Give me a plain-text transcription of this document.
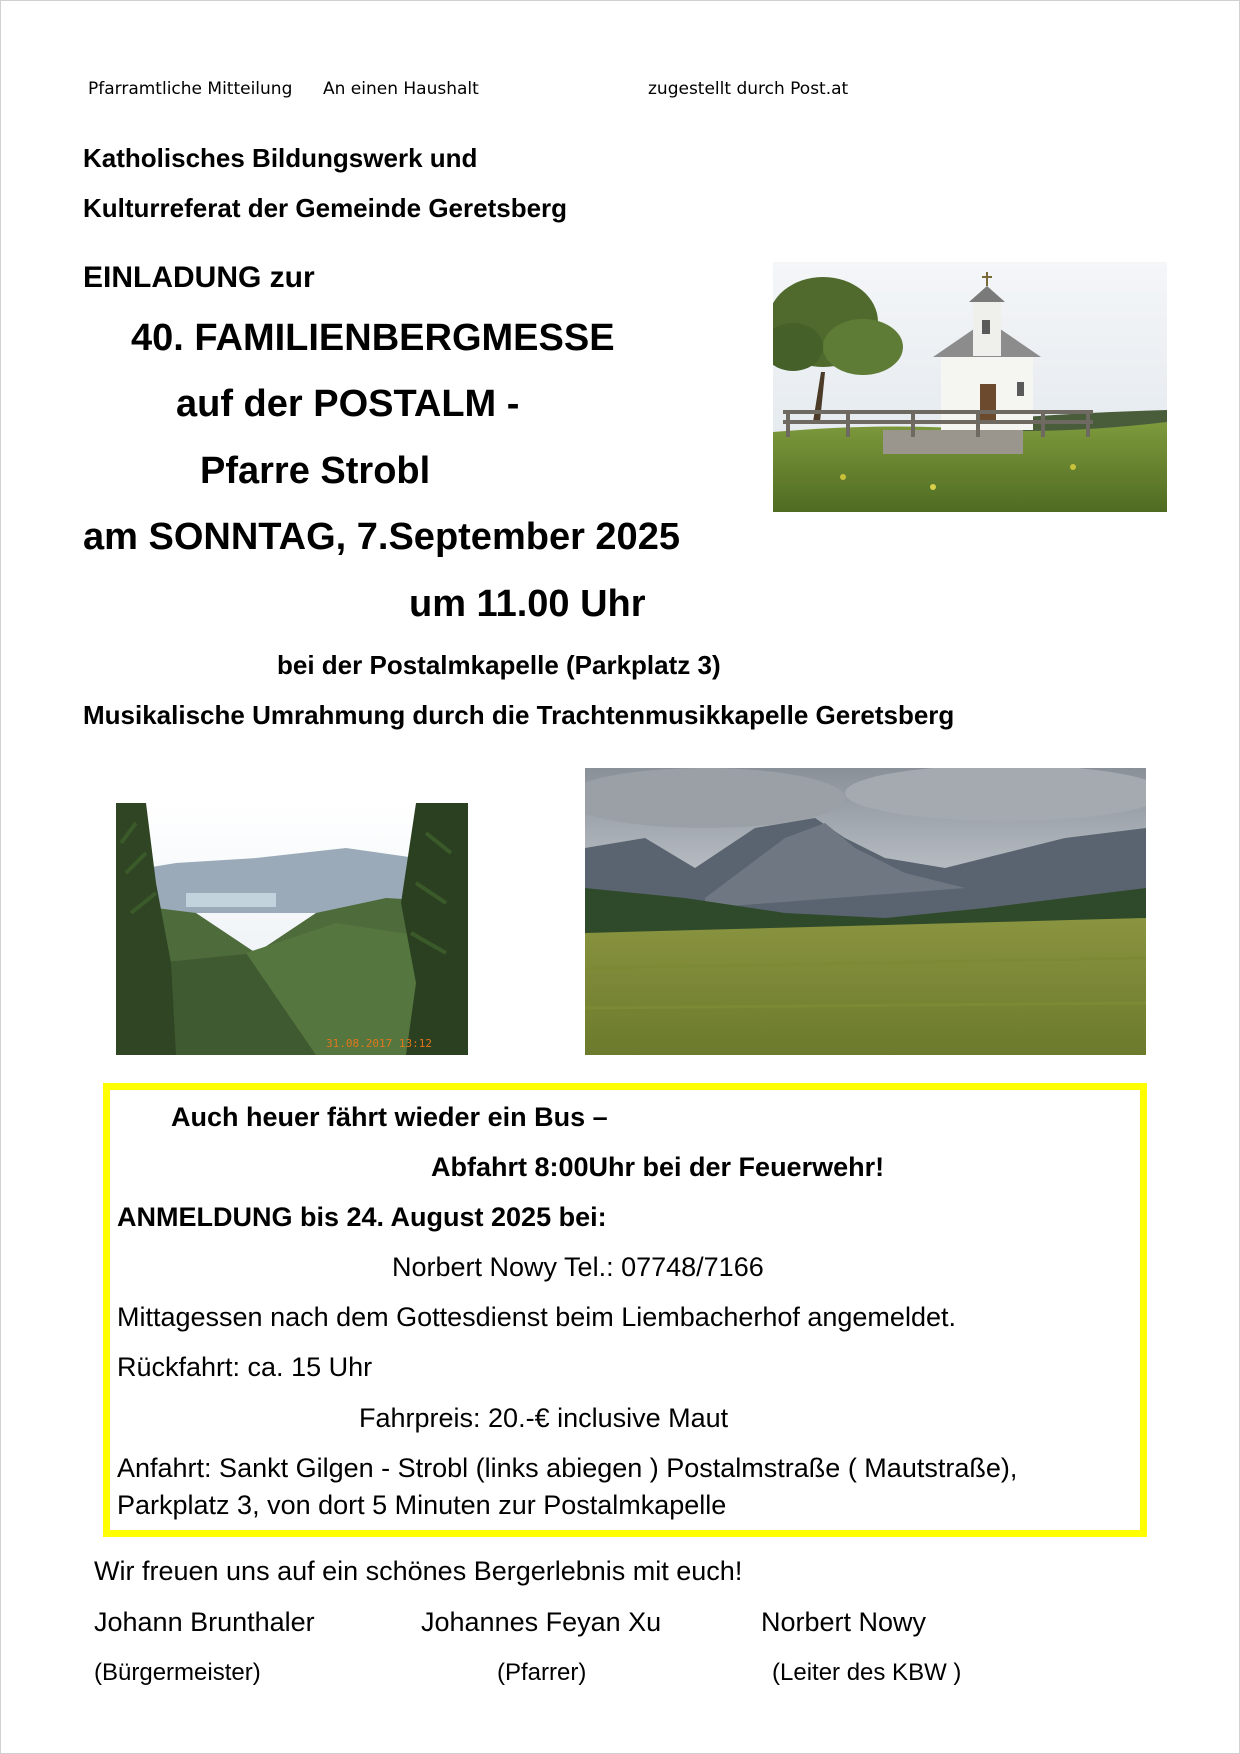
Pfarramtliche Mitteilung An einen Haushalt	zugestellt durch Post.at
Katholisches Bildungswerk und
Kulturreferat der Gemeinde Geretsberg
EINLADUNG zur
40. FAMILIENBERGMESSE
auf der POSTALM -
Pfarre Strobl
am SONNTAG, 7.September 2025
um 11.00 Uhr
bei der Postalmkapelle (Parkplatz 3)
Musikalische Umrahmung durch die Trachtenmusikkapelle Geretsberg
31.08.2017 13:12
Auch heuer fährt wieder ein Bus –
Abfahrt 8:00Uhr bei der Feuerwehr!
ANMELDUNG bis 24. August 2025 bei:
Norbert Nowy Tel.: 07748/7166
Mittagessen nach dem Gottesdienst beim Liembacherhof angemeldet.
Rückfahrt: ca. 15 Uhr
Fahrpreis: 20.-€ inclusive Maut
Anfahrt: Sankt Gilgen - Strobl (links abiegen ) Postalmstraße ( Mautstraße),
Parkplatz 3, von dort 5 Minuten zur Postalmkapelle
Wir freuen uns auf ein schönes Bergerlebnis mit euch!
Johann Brunthaler	Johannes Feyan Xu	Norbert Nowy
(Bürgermeister)	(Pfarrer)	(Leiter des KBW )
